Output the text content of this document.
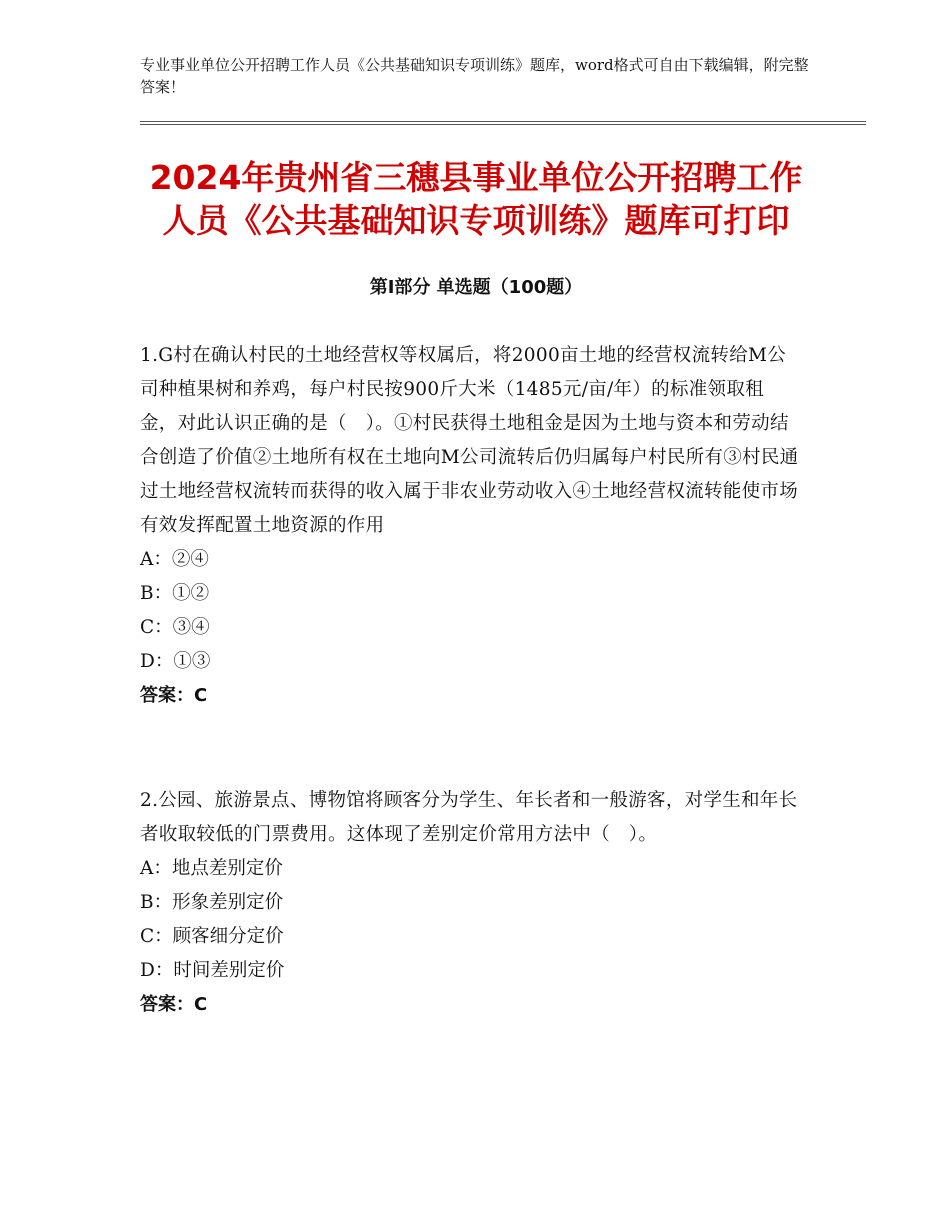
专业事业单位公开招聘工作人员《公共基础知识专项训练》题库，word格式可自由下载编辑，附完整答案！
2024年贵州省三穗县事业单位公开招聘工作人员《公共基础知识专项训练》题库可打印
第Ⅰ部分 单选题（100题）
1.G村在确认村民的土地经营权等权属后，将2000亩土地的经营权流转给M公司种植果树和养鸡，每户村民按900斤大米（1485元/亩/年）的标准领取租金，对此认识正确的是（　）。①村民获得土地租金是因为土地与资本和劳动结合创造了价值②土地所有权在土地向M公司流转后仍归属每户村民所有③村民通过土地经营权流转而获得的收入属于非农业劳动收入④土地经营权流转能使市场有效发挥配置土地资源的作用
A：②④
B：①②
C：③④
D：①③
答案：C
2.公园、旅游景点、博物馆将顾客分为学生、年长者和一般游客，对学生和年长者收取较低的门票费用。这体现了差别定价常用方法中（　）。
A：地点差别定价
B：形象差别定价
C：顾客细分定价
D：时间差别定价
答案：C
